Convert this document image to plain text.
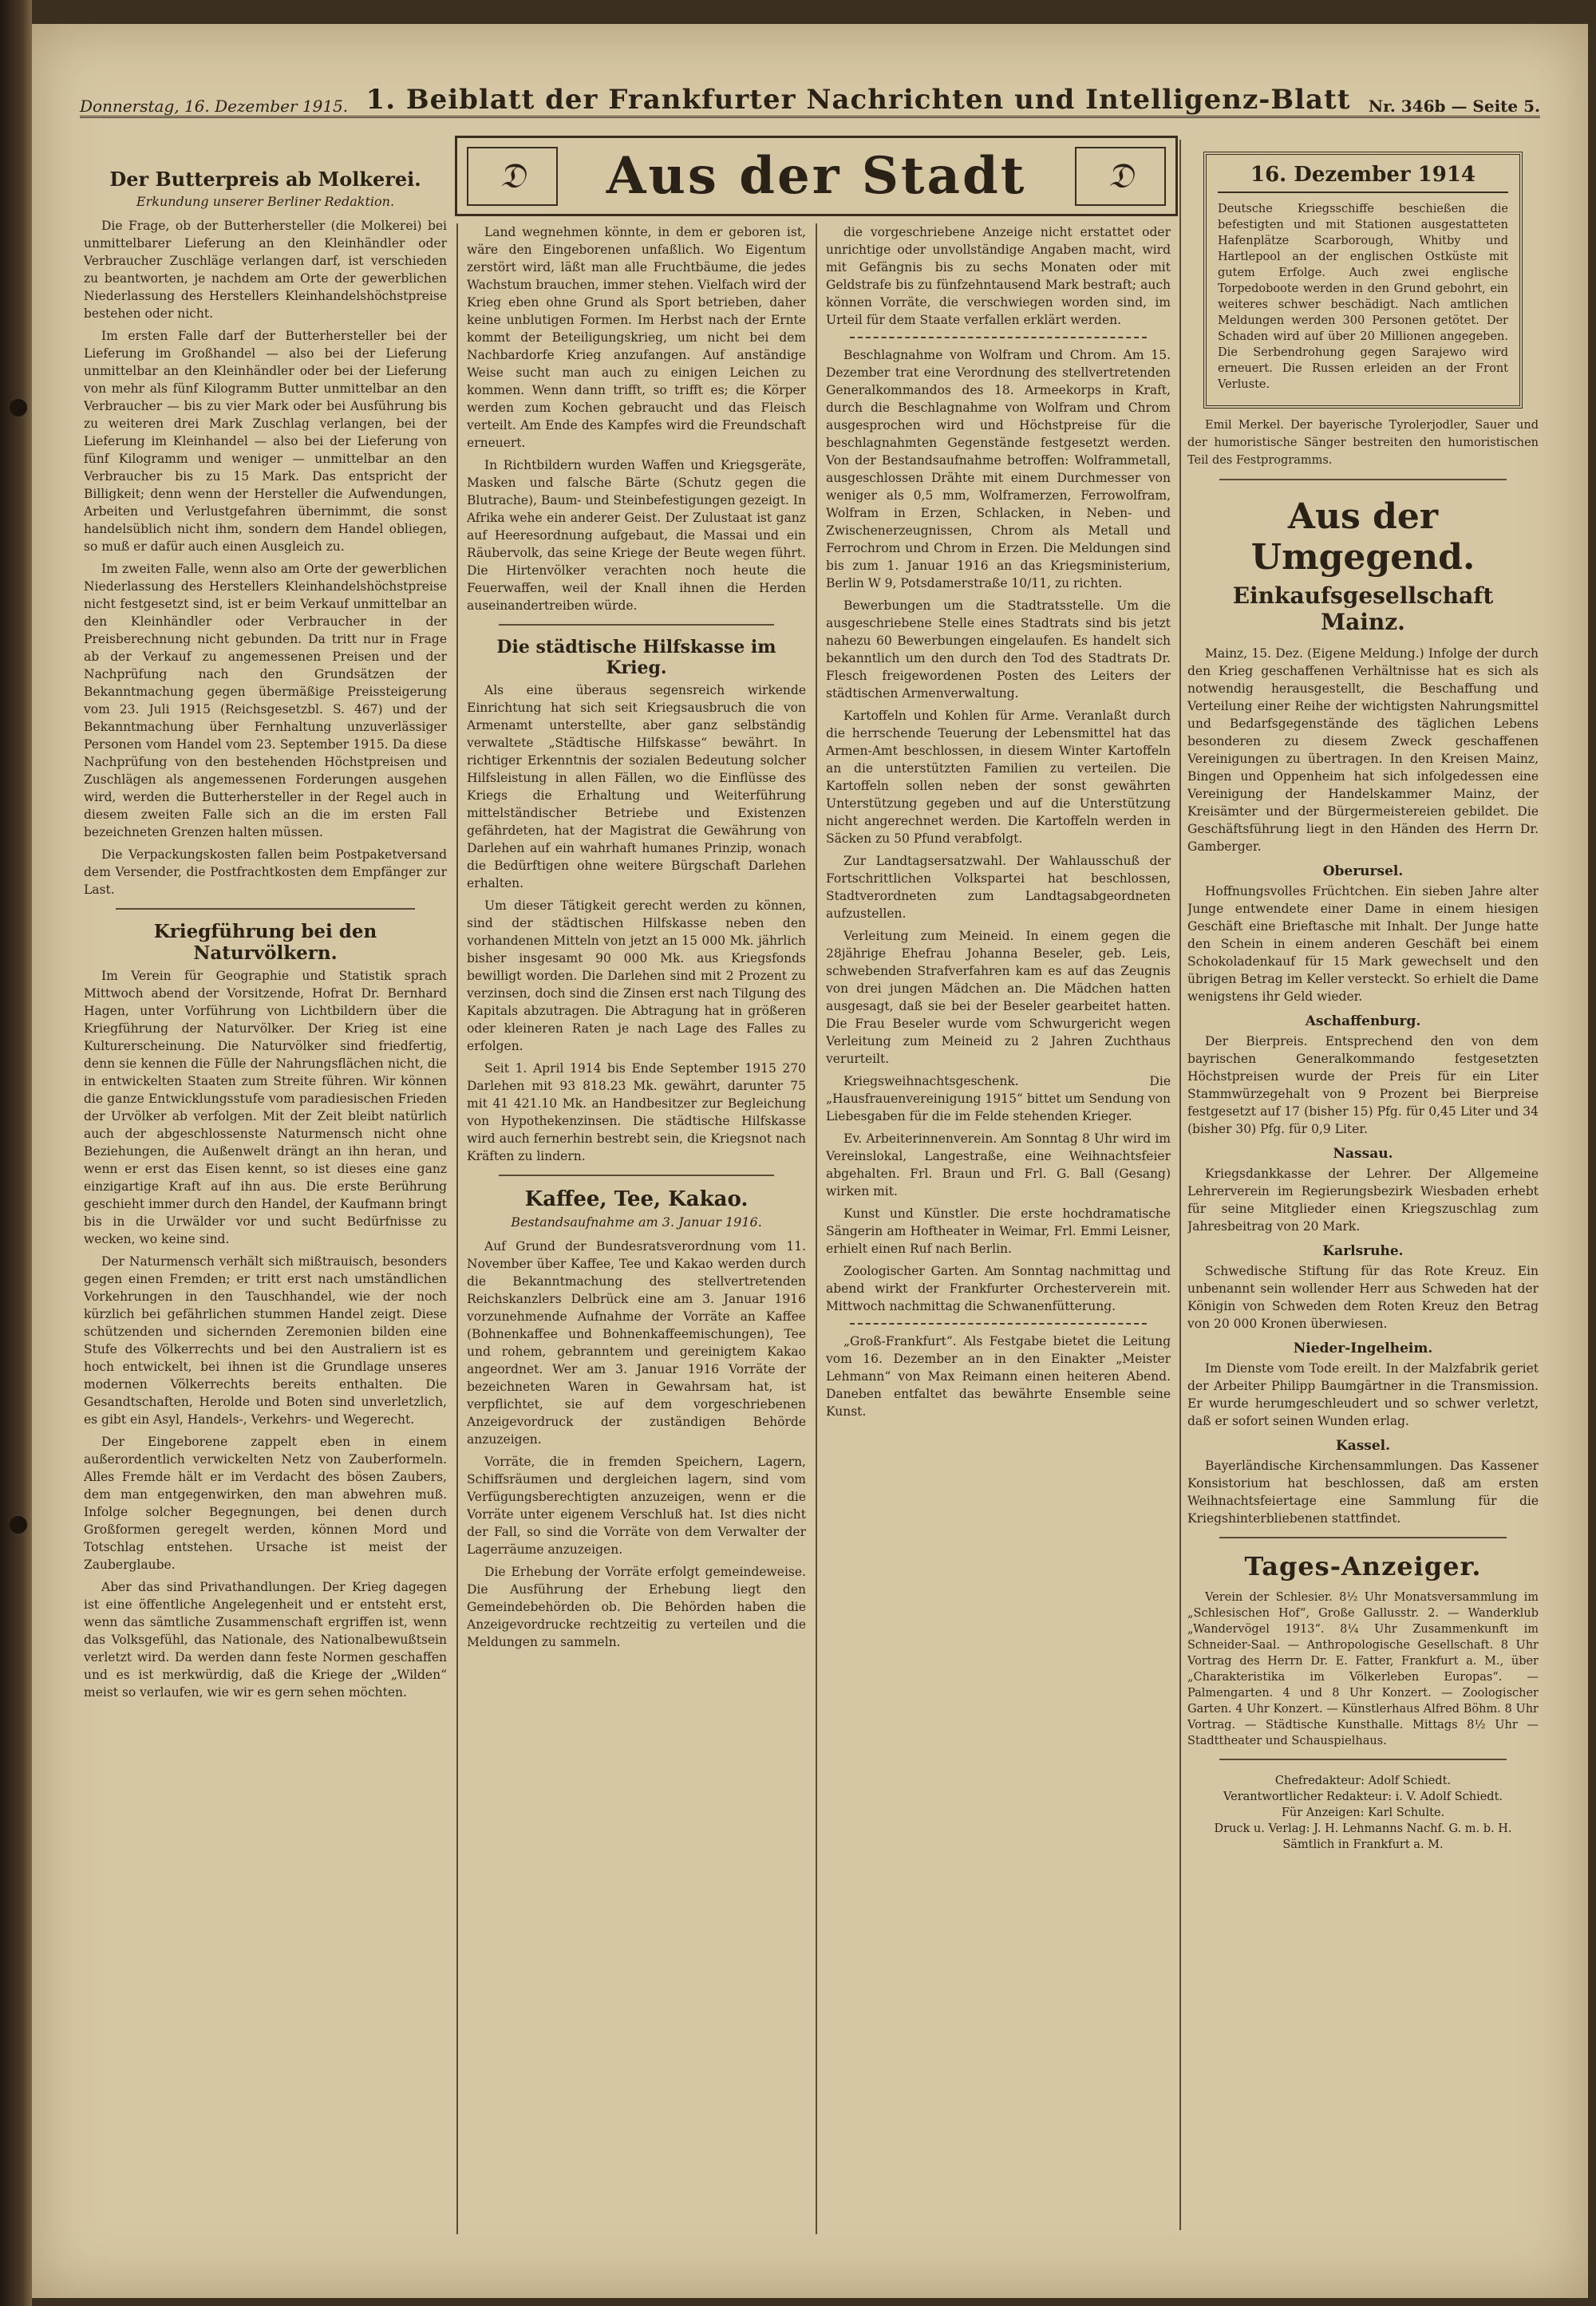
Donnerstag, 16. Dezember 1915. 1. Beiblatt der Frankfurter Nachrichten und Intelligenz-Blatt Nr. 346b — Seite 5.
𝔇	Aus der Stadt	𝔇
Der Butterpreis ab Molkerei.
Erkundung unserer Berliner Redaktion.

Die Frage, ob der Butterhersteller (die Molkerei) bei unmittelbarer Lieferung an den Kleinhändler oder Verbraucher Zuschläge verlangen darf, ist verschieden zu beantworten, je nachdem am Orte der gewerblichen Niederlassung des Herstellers Kleinhandelshöchstpreise bestehen oder nicht.

Im ersten Falle darf der Butterhersteller bei der Lieferung im Großhandel — also bei der Lieferung unmittelbar an den Kleinhändler oder bei der Lieferung von mehr als fünf Kilogramm Butter unmittelbar an den Verbraucher — bis zu vier Mark oder bei Ausführung bis zu weiteren drei Mark Zuschlag verlangen, bei der Lieferung im Kleinhandel — also bei der Lieferung von fünf Kilogramm und weniger — unmittelbar an den Verbraucher bis zu 15 Mark. Das entspricht der Billigkeit; denn wenn der Hersteller die Aufwendungen, Arbeiten und Verlustgefahren übernimmt, die sonst handelsüblich nicht ihm, sondern dem Handel obliegen, so muß er dafür auch einen Ausgleich zu.

Im zweiten Falle, wenn also am Orte der gewerblichen Niederlassung des Herstellers Kleinhandelshöchstpreise nicht festgesetzt sind, ist er beim Verkauf unmittelbar an den Kleinhändler oder Verbraucher in der Preisberechnung nicht gebunden. Da tritt nur in Frage ab der Verkauf zu angemessenen Preisen und der Nachprüfung nach den Grundsätzen der Bekanntmachung gegen übermäßige Preissteigerung vom 23. Juli 1915 (Reichsgesetzbl. S. 467) und der Bekanntmachung über Fernhaltung unzuverlässiger Personen vom Handel vom 23. September 1915. Da diese Nachprüfung von den bestehenden Höchstpreisen und Zuschlägen als angemessenen Forderungen ausgehen wird, werden die Butterhersteller in der Regel auch in diesem zweiten Falle sich an die im ersten Fall bezeichneten Grenzen halten müssen.

Die Verpackungskosten fallen beim Postpaketversand dem Versender, die Postfrachtkosten dem Empfänger zur Last.

Kriegführung bei den Naturvölkern.

Im Verein für Geographie und Statistik sprach Mittwoch abend der Vorsitzende, Hofrat Dr. Bernhard Hagen, unter Vorführung von Lichtbildern über die Kriegführung der Naturvölker. Der Krieg ist eine Kulturerscheinung. Die Naturvölker sind friedfertig, denn sie kennen die Fülle der Nahrungsflächen nicht, die in entwickelten Staaten zum Streite führen. Wir können die ganze Entwicklungsstufe vom paradiesischen Frieden der Urvölker ab verfolgen. Mit der Zeit bleibt natürlich auch der abgeschlossenste Naturmensch nicht ohne Beziehungen, die Außenwelt drängt an ihn heran, und wenn er erst das Eisen kennt, so ist dieses eine ganz einzigartige Kraft auf ihn aus. Die erste Berührung geschieht immer durch den Handel, der Kaufmann bringt bis in die Urwälder vor und sucht Bedürfnisse zu wecken, wo keine sind.

Der Naturmensch verhält sich mißtrauisch, besonders gegen einen Fremden; er tritt erst nach umständlichen Vorkehrungen in den Tauschhandel, wie der noch kürzlich bei gefährlichen stummen Handel zeigt. Diese schützenden und sichernden Zeremonien bilden eine Stufe des Völkerrechts und bei den Australiern ist es hoch entwickelt, bei ihnen ist die Grundlage unseres modernen Völkerrechts bereits enthalten. Die Gesandtschaften, Herolde und Boten sind unverletzlich, es gibt ein Asyl, Handels-, Verkehrs- und Wegerecht.

Der Eingeborene zappelt eben in einem außerordentlich verwickelten Netz von Zauberformeln. Alles Fremde hält er im Verdacht des bösen Zaubers, dem man entgegenwirken, den man abwehren muß. Infolge solcher Begegnungen, bei denen durch Großformen geregelt werden, können Mord und Totschlag entstehen. Ursache ist meist der Zauberglaube.

Aber das sind Privathandlungen. Der Krieg dagegen ist eine öffentliche Angelegenheit und er entsteht erst, wenn das sämtliche Zusammenschaft ergriffen ist, wenn das Volksgefühl, das Nationale, des Nationalbewußtsein verletzt wird. Da werden dann feste Normen geschaffen und es ist merkwürdig, daß die Kriege der „Wilden“ meist so verlaufen, wie wir es gern sehen möchten.

Land wegnehmen könnte, in dem er geboren ist, wäre den Eingeborenen unfaßlich. Wo Eigentum zerstört wird, läßt man alle Fruchtbäume, die jedes Wachstum brauchen, immer stehen. Vielfach wird der Krieg eben ohne Grund als Sport betrieben, daher keine unblutigen Formen. Im Herbst nach der Ernte kommt der Beteiligungskrieg, um nicht bei dem Nachbardorfe Krieg anzufangen. Auf anständige Weise sucht man auch zu einigen Leichen zu kommen. Wenn dann trifft, so trifft es; die Körper werden zum Kochen gebraucht und das Fleisch verteilt. Am Ende des Kampfes wird die Freundschaft erneuert.

In Richtbildern wurden Waffen und Kriegsgeräte, Masken und falsche Bärte (Schutz gegen die Blutrache), Baum- und Steinbefestigungen gezeigt. In Afrika wehe ein anderer Geist. Der Zulustaat ist ganz auf Heeresordnung aufgebaut, die Massai und ein Räubervolk, das seine Kriege der Beute wegen führt. Die Hirtenvölker verachten noch heute die Feuerwaffen, weil der Knall ihnen die Herden auseinandertreiben würde.

Die städtische Hilfskasse im Krieg.

Als eine überaus segensreich wirkende Einrichtung hat sich seit Kriegsausbruch die von Armenamt unterstellte, aber ganz selbständig verwaltete „Städtische Hilfskasse“ bewährt. In richtiger Erkenntnis der sozialen Bedeutung solcher Hilfsleistung in allen Fällen, wo die Einflüsse des Kriegs die Erhaltung und Weiterführung mittelständischer Betriebe und Existenzen gefährdeten, hat der Magistrat die Gewährung von Darlehen auf ein wahrhaft humanes Prinzip, wonach die Bedürftigen ohne weitere Bürgschaft Darlehen erhalten.

Um dieser Tätigkeit gerecht werden zu können, sind der städtischen Hilfskasse neben den vorhandenen Mitteln von jetzt an 15 000 Mk. jährlich bisher insgesamt 90 000 Mk. aus Kriegsfonds bewilligt worden. Die Darlehen sind mit 2 Prozent zu verzinsen, doch sind die Zinsen erst nach Tilgung des Kapitals abzutragen. Die Abtragung hat in größeren oder kleineren Raten je nach Lage des Falles zu erfolgen.

Seit 1. April 1914 bis Ende September 1915 270 Darlehen mit 93 818.23 Mk. gewährt, darunter 75 mit 41 421.10 Mk. an Handbesitzer zur Begleichung von Hypothekenzinsen. Die städtische Hilfskasse wird auch fernerhin bestrebt sein, die Kriegsnot nach Kräften zu lindern.

Kaffee, Tee, Kakao.
Bestandsaufnahme am 3. Januar 1916.

Auf Grund der Bundesratsverordnung vom 11. November über Kaffee, Tee und Kakao werden durch die Bekanntmachung des stellvertretenden Reichskanzlers Delbrück eine am 3. Januar 1916 vorzunehmende Aufnahme der Vorräte an Kaffee (Bohnenkaffee und Bohnenkaffeemischungen), Tee und rohem, gebranntem und gereinigtem Kakao angeordnet. Wer am 3. Januar 1916 Vorräte der bezeichneten Waren in Gewahrsam hat, ist verpflichtet, sie auf dem vorgeschriebenen Anzeigevordruck der zuständigen Behörde anzuzeigen.

Vorräte, die in fremden Speichern, Lagern, Schiffsräumen und dergleichen lagern, sind vom Verfügungsberechtigten anzuzeigen, wenn er die Vorräte unter eigenem Verschluß hat. Ist dies nicht der Fall, so sind die Vorräte von dem Verwalter der Lagerräume anzuzeigen.

Die Erhebung der Vorräte erfolgt gemeindeweise. Die Ausführung der Erhebung liegt den Gemeindebehörden ob. Die Behörden haben die Anzeigevordrucke rechtzeitig zu verteilen und die Meldungen zu sammeln.

die vorgeschriebene Anzeige nicht erstattet oder unrichtige oder unvollständige Angaben macht, wird mit Gefängnis bis zu sechs Monaten oder mit Geldstrafe bis zu fünfzehntausend Mark bestraft; auch können Vorräte, die verschwiegen worden sind, im Urteil für dem Staate verfallen erklärt werden.

Beschlagnahme von Wolfram und Chrom. Am 15. Dezember trat eine Verordnung des stellvertretenden Generalkommandos des 18. Armeekorps in Kraft, durch die Beschlagnahme von Wolfram und Chrom ausgesprochen wird und Höchstpreise für die beschlagnahmten Gegenstände festgesetzt werden. Von der Bestandsaufnahme betroffen: Wolframmetall, ausgeschlossen Drähte mit einem Durchmesser von weniger als 0,5 mm, Wolframerzen, Ferrowolfram, Wolfram in Erzen, Schlacken, in Neben- und Zwischenerzeugnissen, Chrom als Metall und Ferrochrom und Chrom in Erzen. Die Meldungen sind bis zum 1. Januar 1916 an das Kriegsministerium, Berlin W 9, Potsdamerstraße 10/11, zu richten.

Bewerbungen um die Stadtratsstelle. Um die ausgeschriebene Stelle eines Stadtrats sind bis jetzt nahezu 60 Bewerbungen eingelaufen. Es handelt sich bekanntlich um den durch den Tod des Stadtrats Dr. Flesch freigewordenen Posten des Leiters der städtischen Armenverwaltung.

Kartoffeln und Kohlen für Arme. Veranlaßt durch die herrschende Teuerung der Lebensmittel hat das Armen-Amt beschlossen, in diesem Winter Kartoffeln an die unterstützten Familien zu verteilen. Die Kartoffeln sollen neben der sonst gewährten Unterstützung gegeben und auf die Unterstützung nicht angerechnet werden. Die Kartoffeln werden in Säcken zu 50 Pfund verabfolgt.

Zur Landtagsersatzwahl. Der Wahlausschuß der Fortschrittlichen Volkspartei hat beschlossen, Stadtverordneten zum Landtagsabgeordneten aufzustellen.

Verleitung zum Meineid. In einem gegen die 28jährige Ehefrau Johanna Beseler, geb. Leis, schwebenden Strafverfahren kam es auf das Zeugnis von drei jungen Mädchen an. Die Mädchen hatten ausgesagt, daß sie bei der Beseler gearbeitet hatten. Die Frau Beseler wurde vom Schwurgericht wegen Verleitung zum Meineid zu 2 Jahren Zuchthaus verurteilt.

Kriegsweihnachtsgeschenk. Die „Hausfrauenvereinigung 1915“ bittet um Sendung von Liebesgaben für die im Felde stehenden Krieger.

Ev. Arbeiterinnenverein. Am Sonntag 8 Uhr wird im Vereinslokal, Langestraße, eine Weihnachtsfeier abgehalten. Frl. Braun und Frl. G. Ball (Gesang) wirken mit.

Kunst und Künstler. Die erste hochdramatische Sängerin am Hoftheater in Weimar, Frl. Emmi Leisner, erhielt einen Ruf nach Berlin.

Zoologischer Garten. Am Sonntag nachmittag und abend wirkt der Frankfurter Orchesterverein mit. Mittwoch nachmittag die Schwanenfütterung.

„Groß-Frankfurt“. Als Festgabe bietet die Leitung vom 16. Dezember an in den Einakter „Meister Lehmann“ von Max Reimann einen heiteren Abend. Daneben entfaltet das bewährte Ensemble seine Kunst.

16. Dezember 1914

Deutsche Kriegsschiffe beschießen die befestigten und mit Stationen ausgestatteten Hafenplätze Scarborough, Whitby und Hartlepool an der englischen Ostküste mit gutem Erfolge. Auch zwei englische Torpedoboote werden in den Grund gebohrt, ein weiteres schwer beschädigt. Nach amtlichen Meldungen werden 300 Personen getötet. Der Schaden wird auf über 20 Millionen angegeben. Die Serbendrohung gegen Sarajewo wird erneuert. Die Russen erleiden an der Front Verluste.

Emil Merkel. Der bayerische Tyrolerjodler, Sauer und der humoristische Sänger bestreiten den humoristischen Teil des Festprogramms.

Aus der Umgegend.
Einkaufsgesellschaft Mainz.

Mainz, 15. Dez. (Eigene Meldung.) Infolge der durch den Krieg geschaffenen Verhältnisse hat es sich als notwendig herausgestellt, die Beschaffung und Verteilung einer Reihe der wichtigsten Nahrungsmittel und Bedarfsgegenstände des täglichen Lebens besonderen zu diesem Zweck geschaffenen Vereinigungen zu übertragen. In den Kreisen Mainz, Bingen und Oppenheim hat sich infolgedessen eine Vereinigung der Handelskammer Mainz, der Kreisämter und der Bürgermeistereien gebildet. Die Geschäftsführung liegt in den Händen des Herrn Dr. Gamberger.

Oberursel.

Hoffnungsvolles Früchtchen. Ein sieben Jahre alter Junge entwendete einer Dame in einem hiesigen Geschäft eine Brieftasche mit Inhalt. Der Junge hatte den Schein in einem anderen Geschäft bei einem Schokoladenkauf für 15 Mark gewechselt und den übrigen Betrag im Keller versteckt. So erhielt die Dame wenigstens ihr Geld wieder.

Aschaffenburg.

Der Bierpreis. Entsprechend den von dem bayrischen Generalkommando festgesetzten Höchstpreisen wurde der Preis für ein Liter Stammwürzegehalt von 9 Prozent bei Bierpreise festgesetzt auf 17 (bisher 15) Pfg. für 0,45 Liter und 34 (bisher 30) Pfg. für 0,9 Liter.

Nassau.

Kriegsdankkasse der Lehrer. Der Allgemeine Lehrerverein im Regierungsbezirk Wiesbaden erhebt für seine Mitglieder einen Kriegszuschlag zum Jahresbeitrag von 20 Mark.

Karlsruhe.

Schwedische Stiftung für das Rote Kreuz. Ein unbenannt sein wollender Herr aus Schweden hat der Königin von Schweden dem Roten Kreuz den Betrag von 20 000 Kronen überwiesen.

Nieder-Ingelheim.

Im Dienste vom Tode ereilt. In der Malzfabrik geriet der Arbeiter Philipp Baumgärtner in die Transmission. Er wurde herumgeschleudert und so schwer verletzt, daß er sofort seinen Wunden erlag.

Kassel.

Bayerländische Kirchensammlungen. Das Kassener Konsistorium hat beschlossen, daß am ersten Weihnachtsfeiertage eine Sammlung für die Kriegshinterbliebenen stattfindet.

Tages-Anzeiger.

Verein der Schlesier. 8½ Uhr Monatsversammlung im „Schlesischen Hof“, Große Gallusstr. 2. — Wanderklub „Wandervögel 1913“. 8¼ Uhr Zusammenkunft im Schneider-Saal. — Anthropologische Gesellschaft. 8 Uhr Vortrag des Herrn Dr. E. Fatter, Frankfurt a. M., über „Charakteristika im Völkerleben Europas“. — Palmengarten. 4 und 8 Uhr Konzert. — Zoologischer Garten. 4 Uhr Konzert. — Künstlerhaus Alfred Böhm. 8 Uhr Vortrag. — Städtische Kunsthalle. Mittags 8½ Uhr — Stadttheater und Schauspielhaus.

Chefredakteur: Adolf Schiedt.
Verantwortlicher Redakteur: i. V. Adolf Schiedt.
Für Anzeigen: Karl Schulte.
Druck u. Verlag: J. H. Lehmanns Nachf. G. m. b. H.
Sämtlich in Frankfurt a. M.
